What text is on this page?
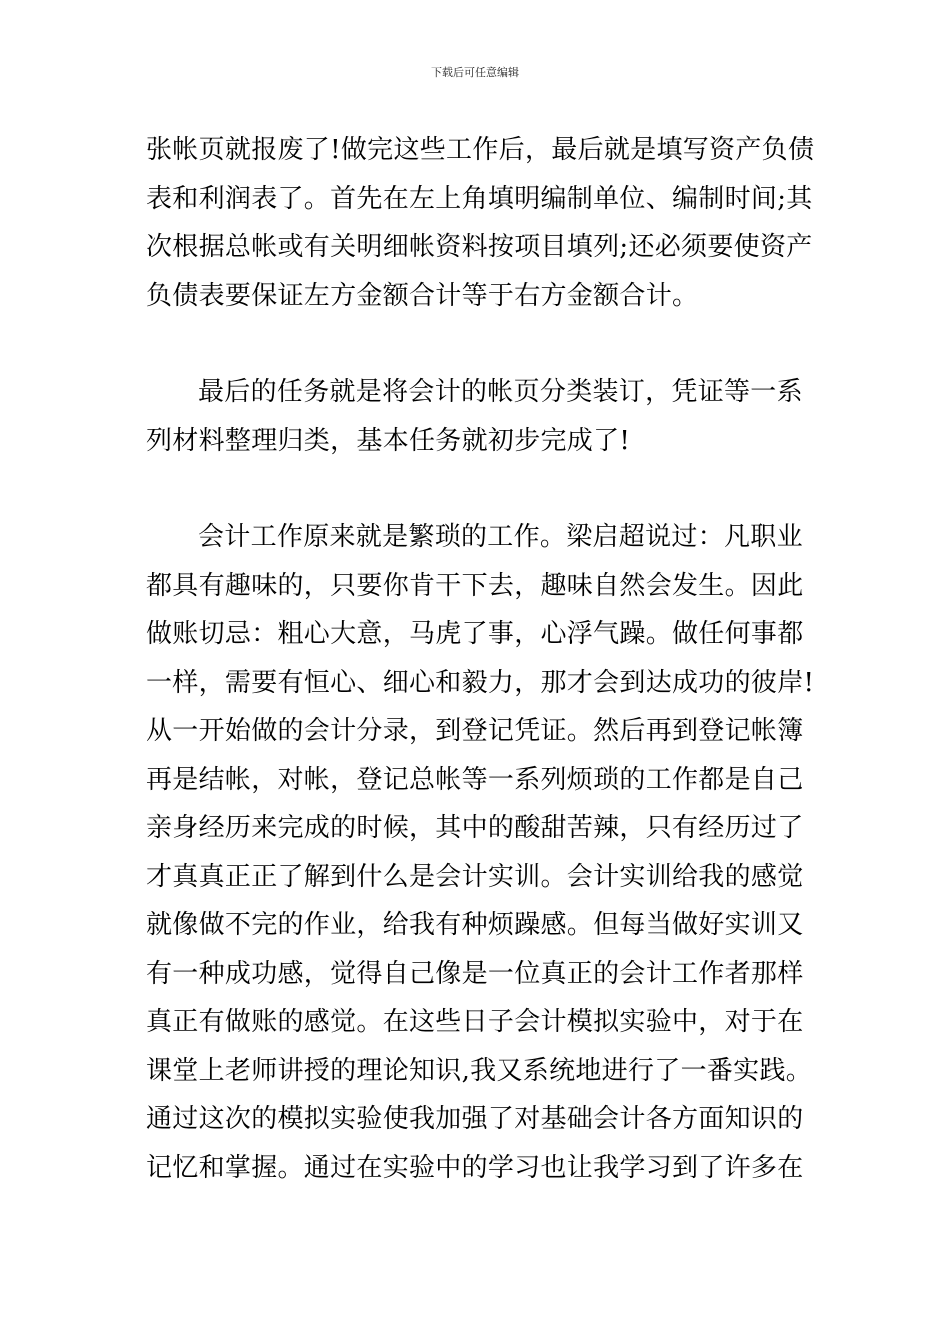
下载后可任意编辑

张帐页就报废了!做完这些工作后，最后就是填写资产负债
表和利润表了。首先在左上角填明编制单位、编制时间;其
次根据总帐或有关明细帐资料按项目填列;还必须要使资产
负债表要保证左方金额合计等于右方金额合计。

最后的任务就是将会计的帐页分类装订，凭证等一系
列材料整理归类，基本任务就初步完成了!

会计工作原来就是繁琐的工作。梁启超说过：凡职业
都具有趣味的，只要你肯干下去，趣味自然会发生。因此
做账切忌：粗心大意，马虎了事，心浮气躁。做任何事都
一样，需要有恒心、细心和毅力，那才会到达成功的彼岸!
从一开始做的会计分录，到登记凭证。然后再到登记帐簿
再是结帐，对帐，登记总帐等一系列烦琐的工作都是自己
亲身经历来完成的时候，其中的酸甜苦辣，只有经历过了
才真真正正了解到什么是会计实训。会计实训给我的感觉
就像做不完的作业，给我有种烦躁感。但每当做好实训又
有一种成功感，觉得自己像是一位真正的会计工作者那样
真正有做账的感觉。在这些日子会计模拟实验中，对于在
课堂上老师讲授的理论知识,我又系统地进行了一番实践。
通过这次的模拟实验使我加强了对基础会计各方面知识的
记忆和掌握。通过在实验中的学习也让我学习到了许多在
